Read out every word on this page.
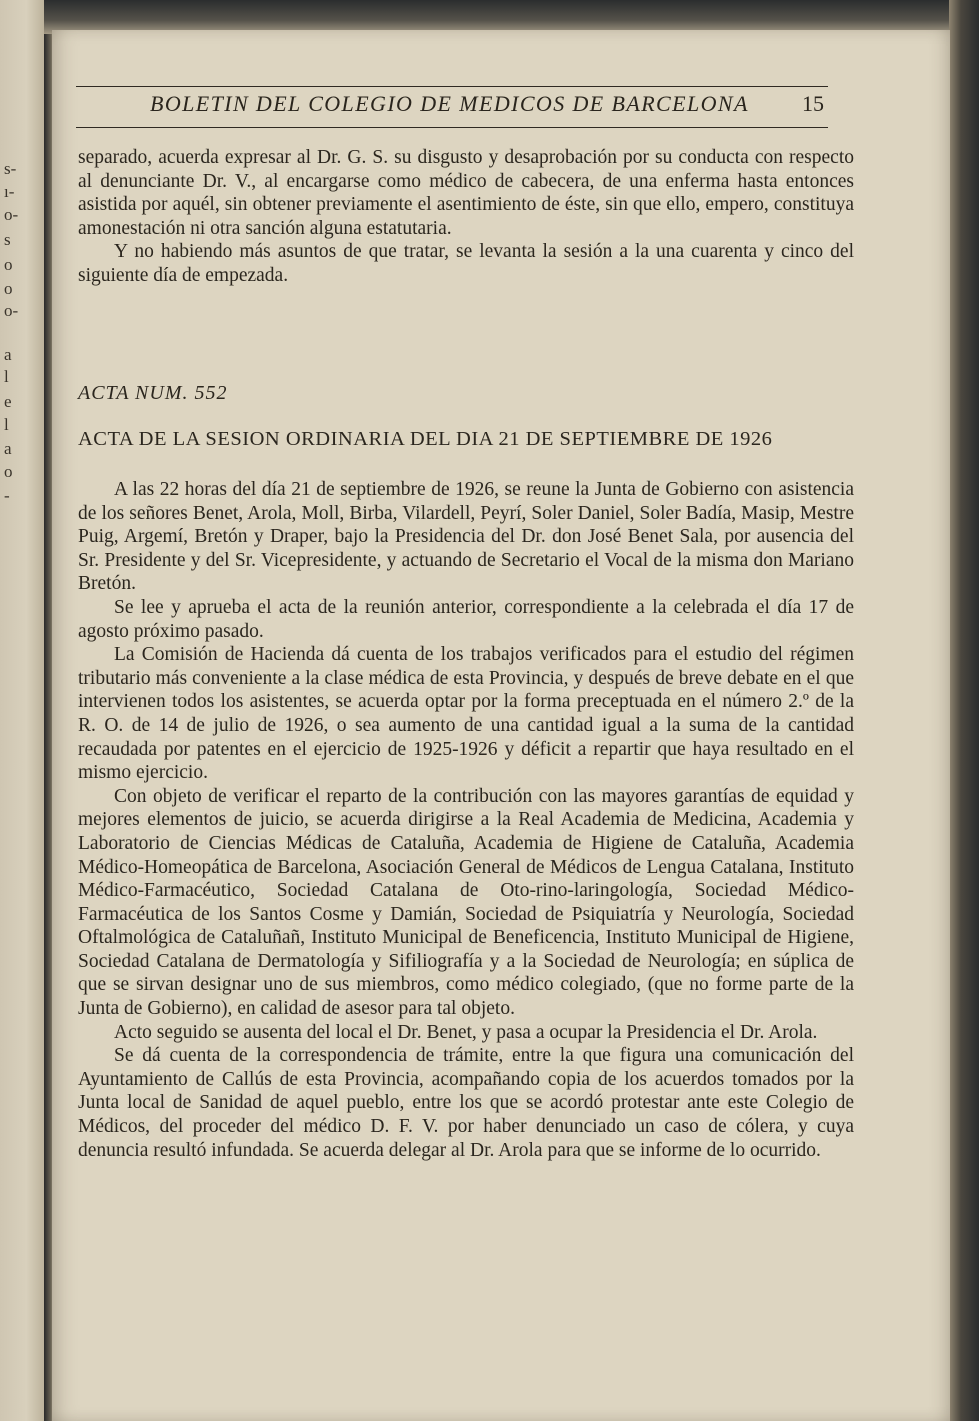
s-
ı-
o-
s
o
o
o-
a
l
e
l
a
o
-
BOLETIN DEL COLEGIO DE MEDICOS DE BARCELONA 15

separado, acuerda expresar al Dr. G. S. su disgusto y desaprobación por su conducta con respecto al denunciante Dr. V., al encargarse como médico de cabecera, de una enferma hasta entonces asistida por aquél, sin obtener previamente el asentimiento de éste, sin que ello, empero, constituya amonestación ni otra sanción alguna estatutaria.

Y no habiendo más asuntos de que tratar, se levanta la sesión a la una cuarenta y cinco del siguiente día de empezada.

ACTA NUM. 552
ACTA DE LA SESION ORDINARIA DEL DIA 21 DE SEPTIEMBRE DE 1926

A las 22 horas del día 21 de septiembre de 1926, se reune la Junta de Gobierno con asistencia de los señores Benet, Arola, Moll, Birba, Vilardell, Peyrí, Soler Daniel, Soler Badía, Masip, Mestre Puig, Argemí, Bretón y Draper, bajo la Presidencia del Dr. don José Benet Sala, por ausencia del Sr. Presidente y del Sr. Vicepresidente, y actuando de Secretario el Vocal de la misma don Mariano Bretón.

Se lee y aprueba el acta de la reunión anterior, correspondiente a la celebrada el día 17 de agosto próximo pasado.

La Comisión de Hacienda dá cuenta de los trabajos verificados para el estudio del régimen tributario más conveniente a la clase médica de esta Provincia, y después de breve debate en el que intervienen todos los asistentes, se acuerda optar por la forma preceptuada en el número 2.º de la R. O. de 14 de julio de 1926, o sea aumento de una cantidad igual a la suma de la cantidad recaudada por patentes en el ejercicio de 1925-1926 y déficit a repartir que haya resultado en el mismo ejercicio.

Con objeto de verificar el reparto de la contribución con las mayores garantías de equidad y mejores elementos de juicio, se acuerda dirigirse a la Real Academia de Medicina, Academia y Laboratorio de Ciencias Médicas de Cataluña, Academia de Higiene de Cataluña, Academia Médico-Homeopática de Barcelona, Asociación General de Médicos de Lengua Catalana, Instituto Médico-Farmacéutico, Sociedad Catalana de Oto-rino-laringología, Sociedad Médico-Farmacéutica de los Santos Cosme y Damián, Sociedad de Psiquiatría y Neurología, Sociedad Oftalmológica de Cataluñañ, Instituto Municipal de Beneficencia, Instituto Municipal de Higiene, Sociedad Catalana de Dermatología y Sifiliografía y a la Sociedad de Neurología; en súplica de que se sirvan designar uno de sus miembros, como médico colegiado, (que no forme parte de la Junta de Gobierno), en calidad de asesor para tal objeto.

Acto seguido se ausenta del local el Dr. Benet, y pasa a ocupar la Presidencia el Dr. Arola.

Se dá cuenta de la correspondencia de trámite, entre la que figura una comunicación del Ayuntamiento de Callús de esta Provincia, acompañando copia de los acuerdos tomados por la Junta local de Sanidad de aquel pueblo, entre los que se acordó protestar ante este Colegio de Médicos, del proceder del médico D. F. V. por haber denunciado un caso de cólera, y cuya denuncia resultó infundada. Se acuerda delegar al Dr. Arola para que se informe de lo ocurrido.
